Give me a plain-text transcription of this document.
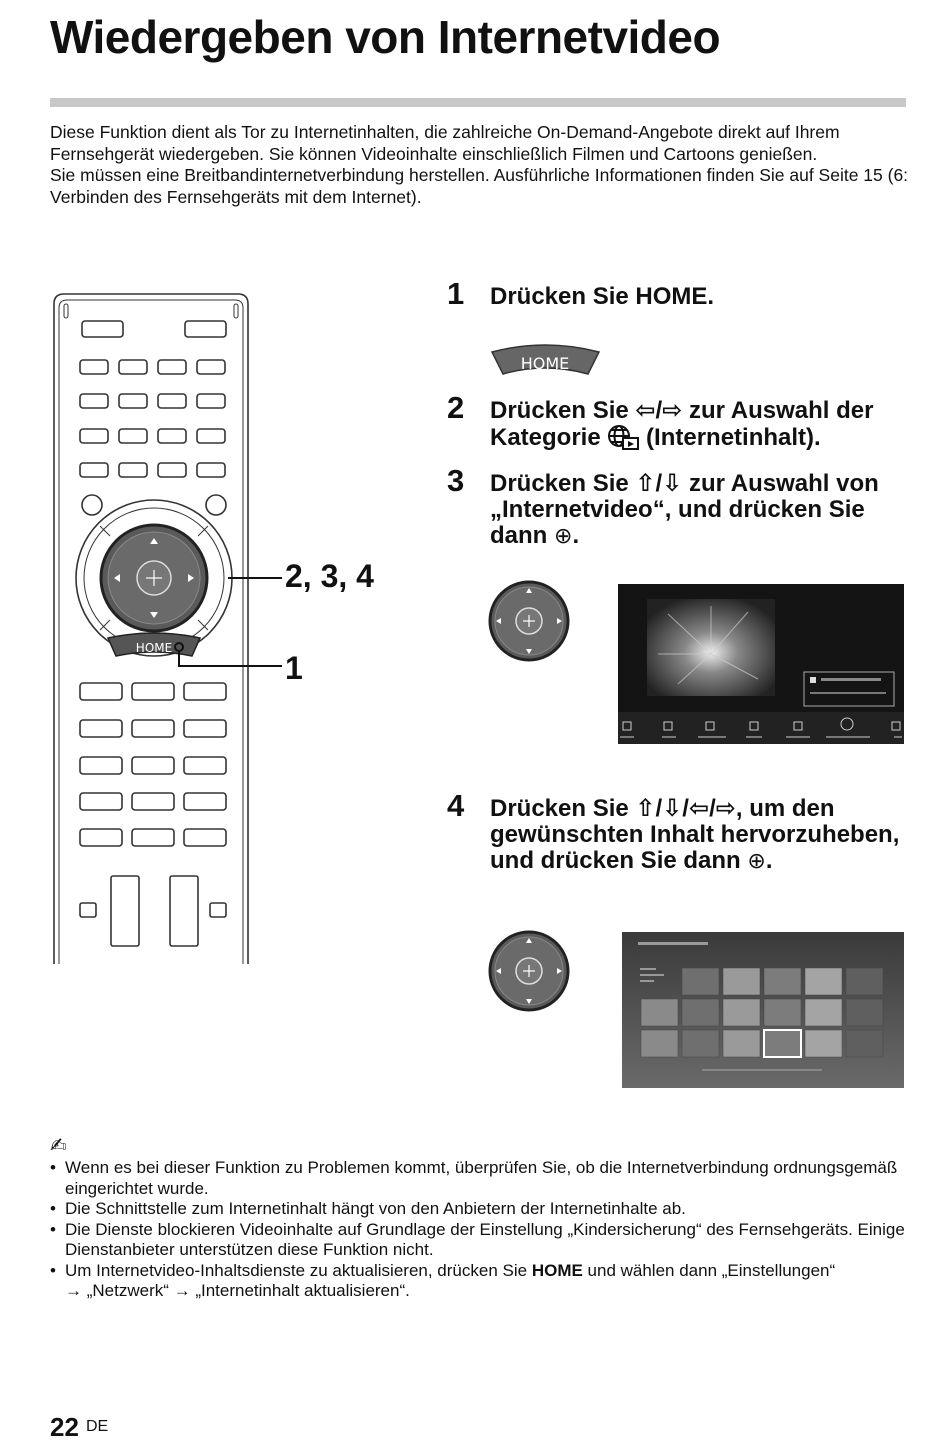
Wiedergeben von Internetvideo

Diese Funktion dient als Tor zu Internetinhalten, die zahlreiche On-Demand-Angebote direkt auf Ihrem Fernsehgerät wiedergeben. Sie können Videoinhalte einschließlich Filmen und Cartoons genießen.

Sie müssen eine Breitbandinternetverbindung herstellen. Ausführliche Informationen finden Sie auf Seite 15 (6: Verbinden des Fernsehgeräts mit dem Internet).

HOME
2, 3, 4
1
1 Drücken Sie HOME.
HOME
2 Drücken Sie ⇦/⇨ zur Auswahl der Kategorie  (Internetinhalt).
3 Drücken Sie ⇧/⇩ zur Auswahl von „Internetvideo“, und drücken Sie dann ⊕.
4 Drücken Sie ⇧/⇩/⇦/⇨, um den gewünschten Inhalt hervorzuheben, und drücken Sie dann ⊕.
✍
• Wenn es bei dieser Funktion zu Problemen kommt, überprüfen Sie, ob die Internetverbindung ordnungsgemäß eingerichtet wurde.
• Die Schnittstelle zum Internetinhalt hängt von den Anbietern der Internetinhalte ab.
• Die Dienste blockieren Videoinhalte auf Grundlage der Einstellung „Kindersicherung“ des Fernsehgeräts. Einige Dienstanbieter unterstützen diese Funktion nicht.
• Um Internetvideo-Inhaltsdienste zu aktualisieren, drücken Sie HOME und wählen dann „Einstellungen“
→ „Netzwerk“ → „Internetinhalt aktualisieren“.
22 DE
